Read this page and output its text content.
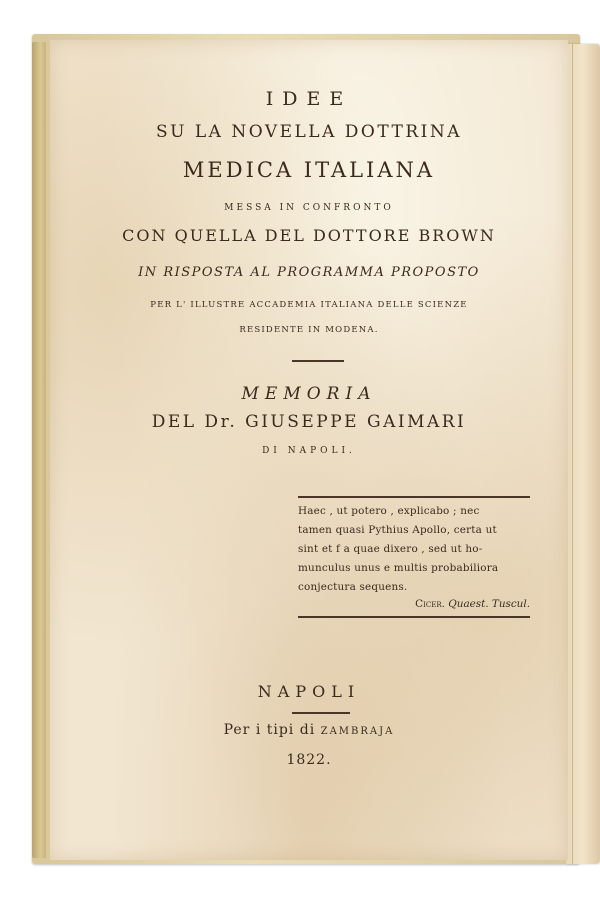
IDEE
SU LA NOVELLA DOTTRINA
MEDICA ITALIANA
MESSA IN CONFRONTO
CON QUELLA DEL DOTTORE BROWN
IN RISPOSTA AL PROGRAMMA PROPOSTO
PER L' ILLUSTRE ACCADEMIA ITALIANA DELLE SCIENZE
RESIDENTE IN MODENA.
MEMORIA
DEL Dr. GIUSEPPE GAIMARI
DI NAPOLI.
Haec , ut potero , explicabo ; nec
tamen quasi Pythius Apollo, certa ut
sint et f a quae dixero , sed ut ho-
munculus unus e multis probabiliora
conjectura sequens.
Cicer. Quaest. Tuscul.
NAPOLI
Per i tipi di ZAMBRAJA
1822.
